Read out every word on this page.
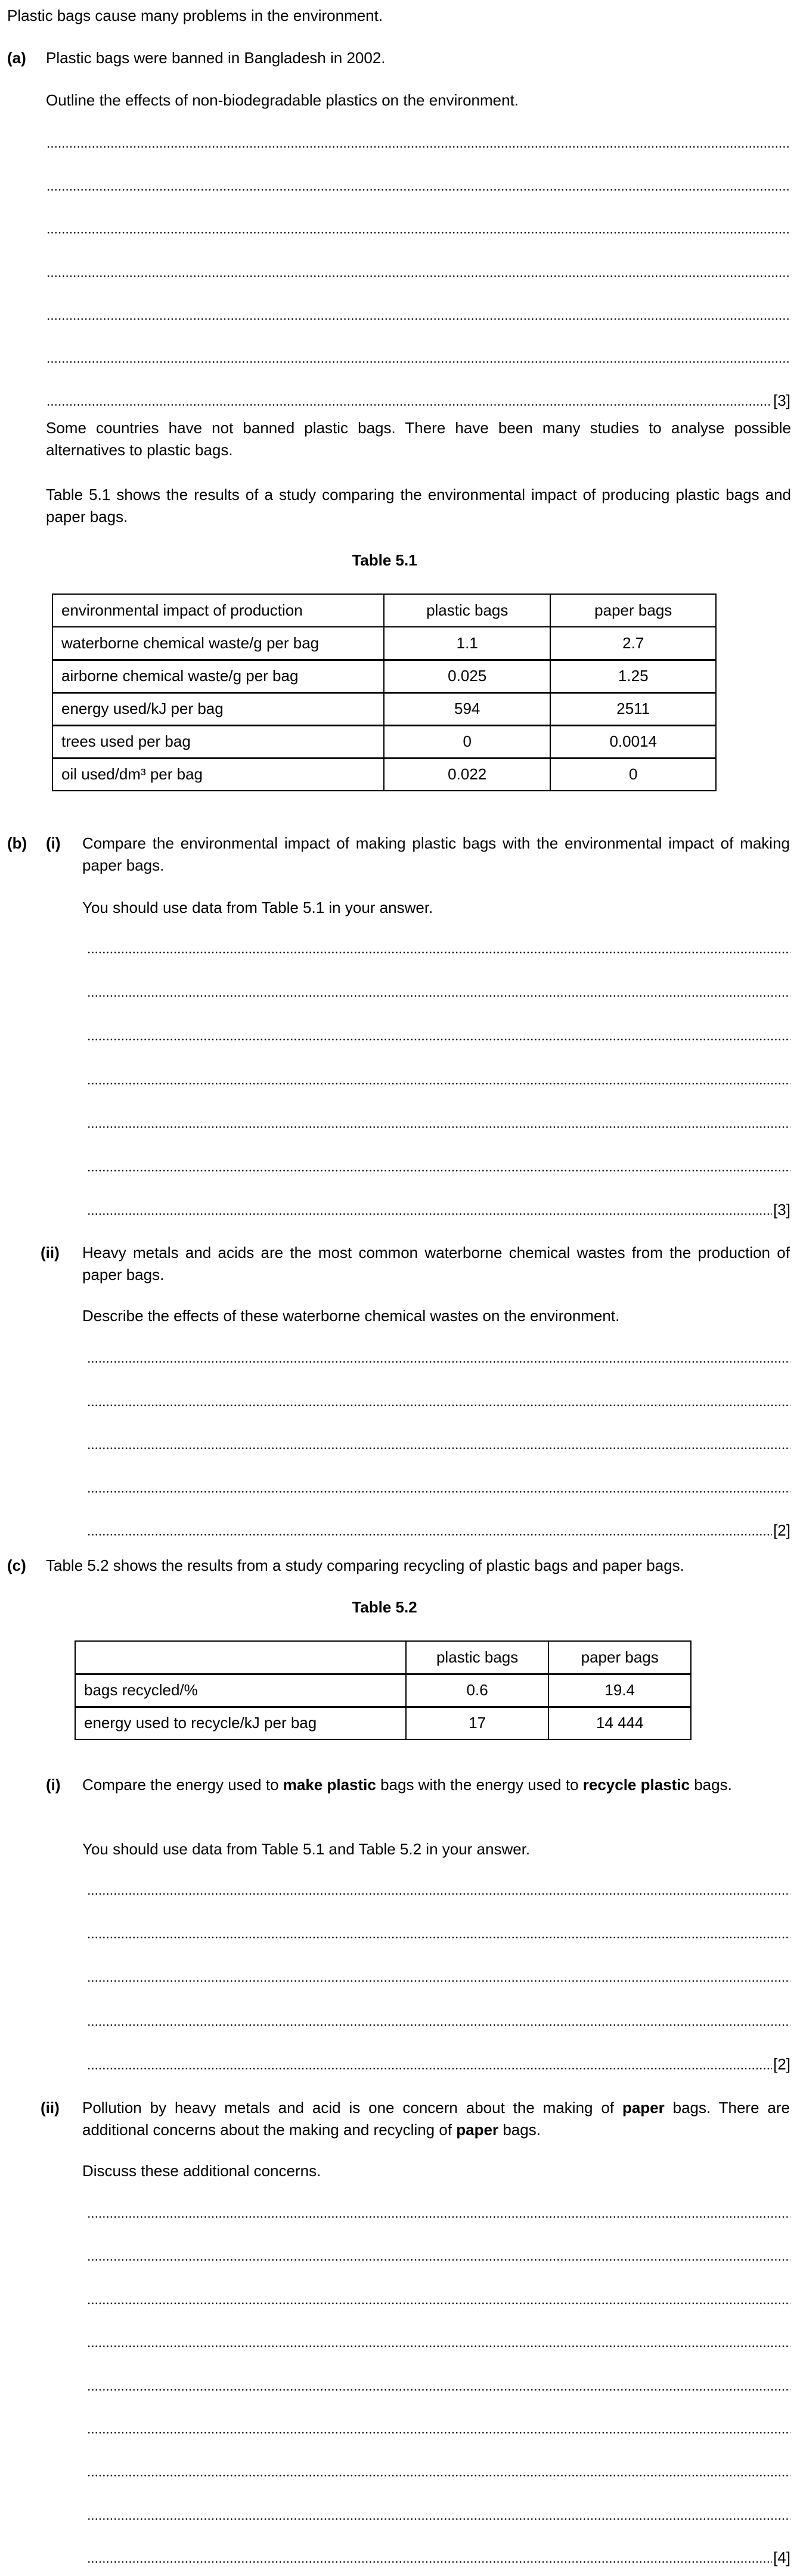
Plastic bags cause many problems in the environment.
(a) Plastic bags were banned in Bangladesh in 2002.
Outline the effects of non-biodegradable plastics on the environment.
[3]
Some countries have not banned plastic bags. There have been many studies to analyse possible alternatives to plastic bags.
Table 5.1 shows the results of a study comparing the environmental impact of producing plastic bags and paper bags.
Table 5.1
environmental impact of production	plastic bags	paper bags
waterborne chemical waste/g per bag	1.1	2.7
airborne chemical waste/g per bag	0.025	1.25
energy used/kJ per bag	594	2511
trees used per bag	0	0.0014
oil used/dm³ per bag	0.022	0
(b) (i) Compare the environmental impact of making plastic bags with the environmental impact of making paper bags.
You should use data from Table 5.1 in your answer.
[3]
(ii) Heavy metals and acids are the most common waterborne chemical wastes from the production of paper bags.
Describe the effects of these waterborne chemical wastes on the environment.
[2]
(c) Table 5.2 shows the results from a study comparing recycling of plastic bags and paper bags.
Table 5.2
	plastic bags	paper bags
bags recycled/%	0.6	19.4
energy used to recycle/kJ per bag	17	14 444
(i) Compare the energy used to make plastic bags with the energy used to recycle plastic bags.
You should use data from Table 5.1 and Table 5.2 in your answer.
[2]
(ii) Pollution by heavy metals and acid is one concern about the making of paper bags. There are additional concerns about the making and recycling of paper bags.
Discuss these additional concerns.
[4]
